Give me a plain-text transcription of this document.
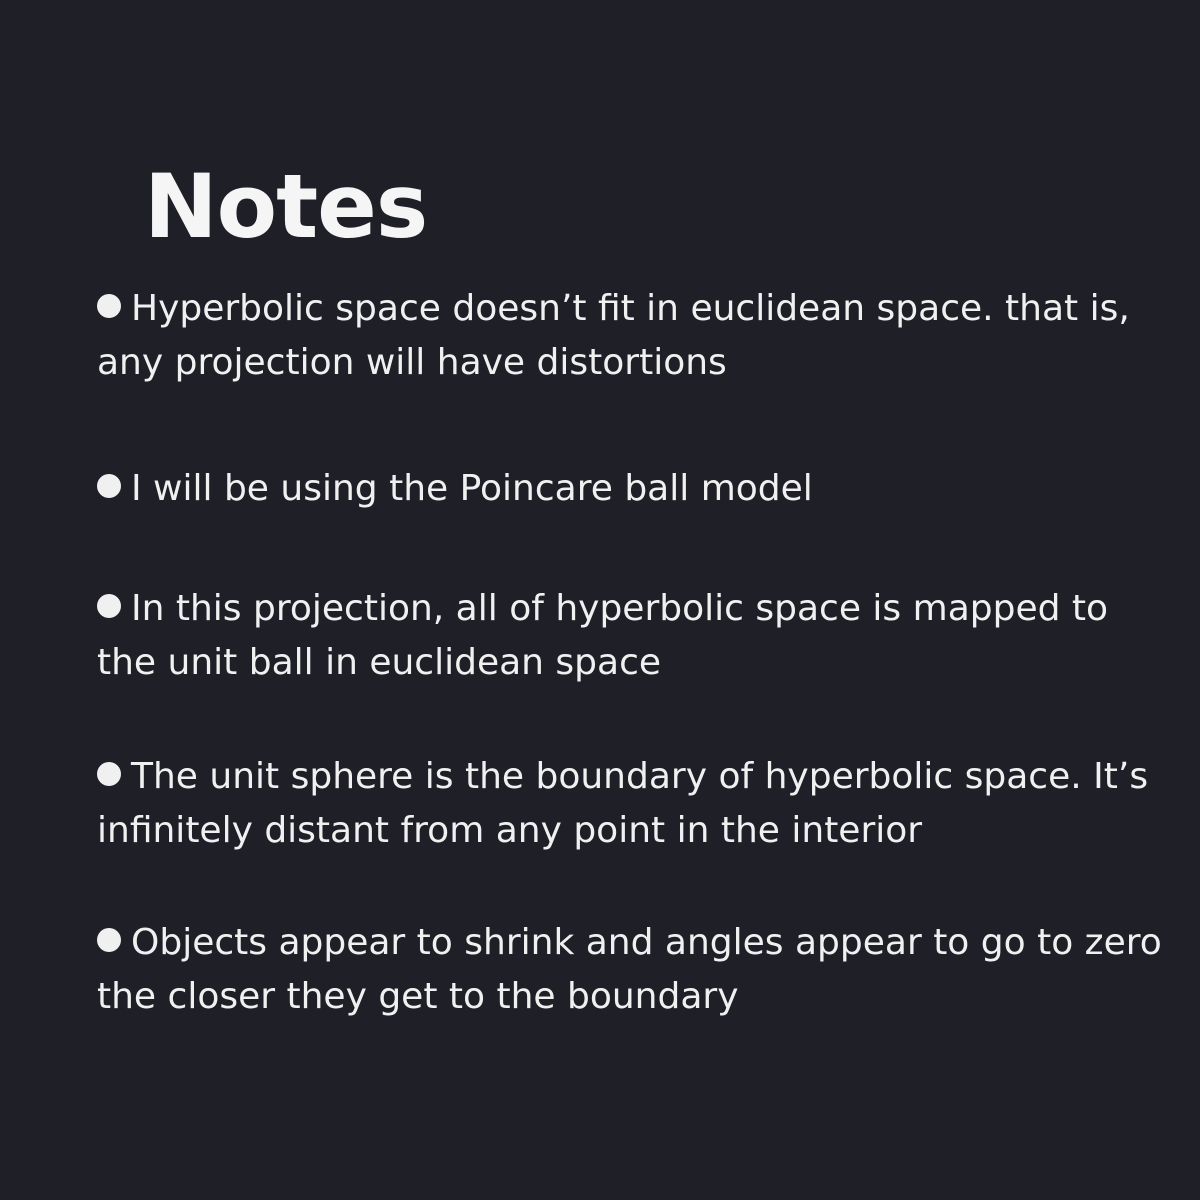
Notes
Hyperbolic space doesn’t fit in euclidean space. that is, any projection will have distortions
I will be using the Poincare ball model
In this projection, all of hyperbolic space is mapped to the unit ball in euclidean space
The unit sphere is the boundary of hyperbolic space. It’s infinitely distant from any point in the interior
Objects appear to shrink and angles appear to go to zero the closer they get to the boundary
